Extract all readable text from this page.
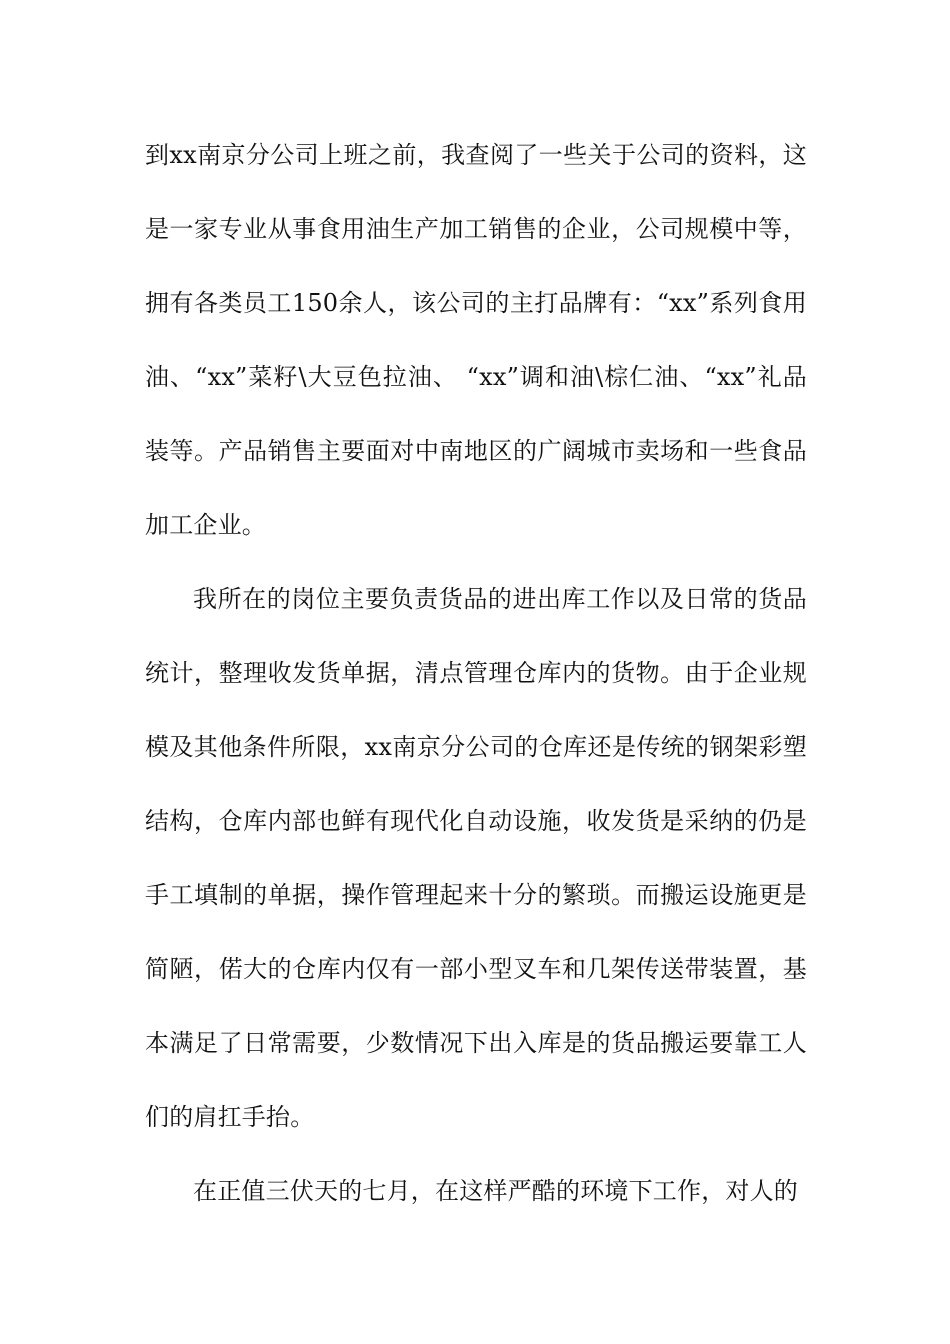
到xx南京分公司上班之前，我查阅了一些关于公司的资料，这是一家专业从事食用油生产加工销售的企业，公司规模中等，拥有各类员工150余人，该公司的主打品牌有：“xx”系列食用油、“xx”菜籽\大豆色拉油、 “xx”调和油\棕仁油、“xx”礼品装等。产品销售主要面对中南地区的广阔城市卖场和一些食品加工企业。

我所在的岗位主要负责货品的进出库工作以及日常的货品统计，整理收发货单据，清点管理仓库内的货物。由于企业规模及其他条件所限，xx南京分公司的仓库还是传统的钢架彩塑结构，仓库内部也鲜有现代化自动设施，收发货是采纳的仍是手工填制的单据，操作管理起来十分的繁琐。而搬运设施更是简陋，偌大的仓库内仅有一部小型叉车和几架传送带装置，基本满足了日常需要，少数情况下出入库是的货品搬运要靠工人们的肩扛手抬。

在正值三伏天的七月，在这样严酷的环境下工作，对人的
